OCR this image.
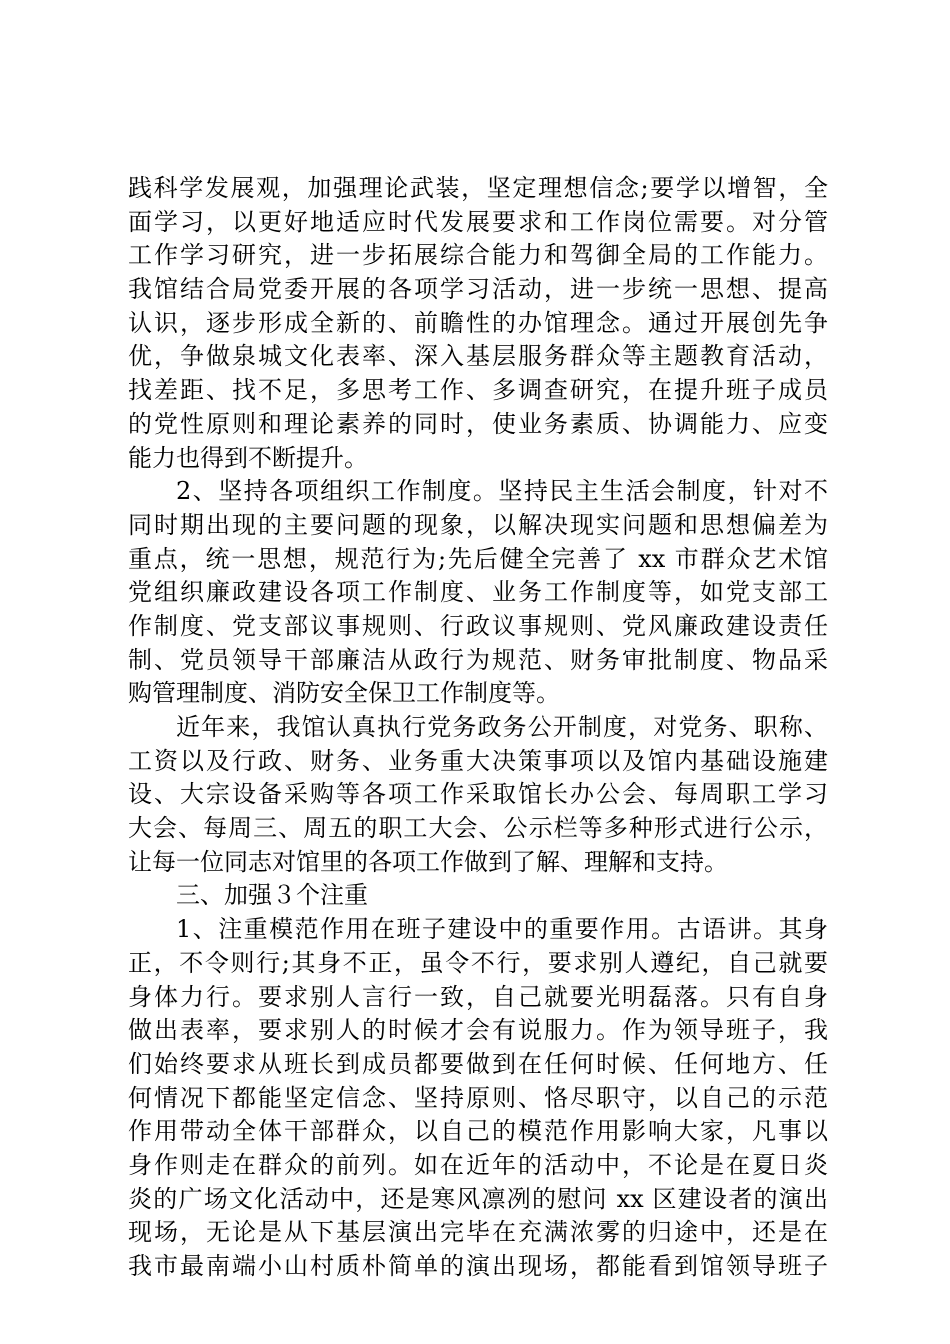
践科学发展观，加强理论武装，坚定理想信念;要学以增智，全
面学习，以更好地适应时代发展要求和工作岗位需要。对分管
工作学习研究，进一步拓展综合能力和驾御全局的工作能力。
我馆结合局党委开展的各项学习活动，进一步统一思想、提高
认识，逐步形成全新的、前瞻性的办馆理念。通过开展创先争
优，争做泉城文化表率、深入基层服务群众等主题教育活动，
找差距、找不足，多思考工作、多调查研究，在提升班子成员
的党性原则和理论素养的同时，使业务素质、协调能力、应变
能力也得到不断提升。
2、坚持各项组织工作制度。坚持民主生活会制度，针对不
同时期出现的主要问题的现象，以解决现实问题和思想偏差为
重点，统一思想，规范行为;先后健全完善了 xx 市群众艺术馆
党组织廉政建设各项工作制度、业务工作制度等，如党支部工
作制度、党支部议事规则、行政议事规则、党风廉政建设责任
制、党员领导干部廉洁从政行为规范、财务审批制度、物品采
购管理制度、消防安全保卫工作制度等。
近年来，我馆认真执行党务政务公开制度，对党务、职称、
工资以及行政、财务、业务重大决策事项以及馆内基础设施建
设、大宗设备采购等各项工作采取馆长办公会、每周职工学习
大会、每周三、周五的职工大会、公示栏等多种形式进行公示，
让每一位同志对馆里的各项工作做到了解、理解和支持。
三、加强３个注重
1、注重模范作用在班子建设中的重要作用。古语讲。其身
正，不令则行;其身不正，虽令不行，要求别人遵纪，自己就要
身体力行。要求别人言行一致，自己就要光明磊落。只有自身
做出表率，要求别人的时候才会有说服力。作为领导班子，我
们始终要求从班长到成员都要做到在任何时候、任何地方、任
何情况下都能坚定信念、坚持原则、恪尽职守，以自己的示范
作用带动全体干部群众，以自己的模范作用影响大家，凡事以
身作则走在群众的前列。如在近年的活动中，不论是在夏日炎
炎的广场文化活动中，还是寒风凛冽的慰问 xx 区建设者的演出
现场，无论是从下基层演出完毕在充满浓雾的归途中，还是在
我市最南端小山村质朴简单的演出现场，都能看到馆领导班子
